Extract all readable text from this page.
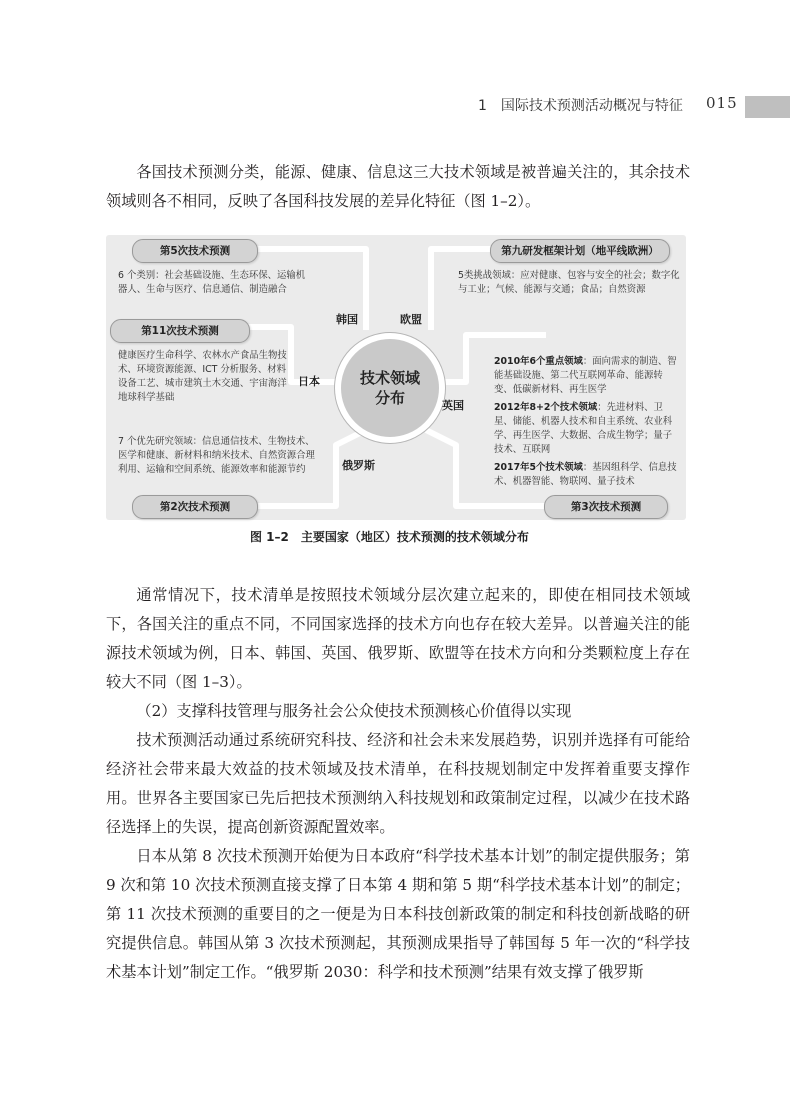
1　国际技术预测活动概况与特征 015

各国技术预测分类，能源、健康、信息这三大技术领域是被普遍关注的，其余技术领域则各不相同，反映了各国科技发展的差异化特征（图 1–2）。

第5次技术预测
6 个类别：社会基础设施、生态环保、运输机器人、生命与医疗、信息通信、制造融合
韩国
第九研发框架计划（地平线欧洲）
5类挑战领域：应对健康、包容与安全的社会；数字化与工业；气候、能源与交通；食品；自然资源
欧盟
第11次技术预测
健康医疗生命科学、农林水产食品生物技术、环境资源能源、ICT 分析服务、材料设备工艺、城市建筑土木交通、宇宙海洋地球科学基础
日本	技术领域
分布	英国
2010年6个重点领域：面向需求的制造、智能基础设施、第二代互联网革命、能源转变、低碳新材料、再生医学
2012年8+2个技术领域：先进材料、卫星、储能、机器人技术和自主系统、农业科学、再生医学、大数据、合成生物学；量子技术、互联网
2017年5个技术领域：基因组科学、信息技术、机器智能、物联网、量子技术
第3次技术预测
7 个优先研究领域：信息通信技术、生物技术、医学和健康、新材料和纳米技术、自然资源合理利用、运输和空间系统、能源效率和能源节约	俄罗斯
第2次技术预测
图 1–2　主要国家（地区）技术预测的技术领域分布

通常情况下，技术清单是按照技术领域分层次建立起来的，即使在相同技术领域下，各国关注的重点不同，不同国家选择的技术方向也存在较大差异。以普遍关注的能源技术领域为例，日本、韩国、英国、俄罗斯、欧盟等在技术方向和分类颗粒度上存在较大不同（图 1–3）。

（2）支撑科技管理与服务社会公众使技术预测核心价值得以实现

技术预测活动通过系统研究科技、经济和社会未来发展趋势，识别并选择有可能给经济社会带来最大效益的技术领域及技术清单，在科技规划制定中发挥着重要支撑作用。世界各主要国家已先后把技术预测纳入科技规划和政策制定过程，以减少在技术路径选择上的失误，提高创新资源配置效率。

日本从第 8 次技术预测开始便为日本政府“科学技术基本计划”的制定提供服务；第 9 次和第 10 次技术预测直接支撑了日本第 4 期和第 5 期“科学技术基本计划”的制定；第 11 次技术预测的重要目的之一便是为日本科技创新政策的制定和科技创新战略的研究提供信息。韩国从第 3 次技术预测起，其预测成果指导了韩国每 5 年一次的“科学技术基本计划”制定工作。“俄罗斯 2030：科学和技术预测”结果有效支撑了俄罗斯
